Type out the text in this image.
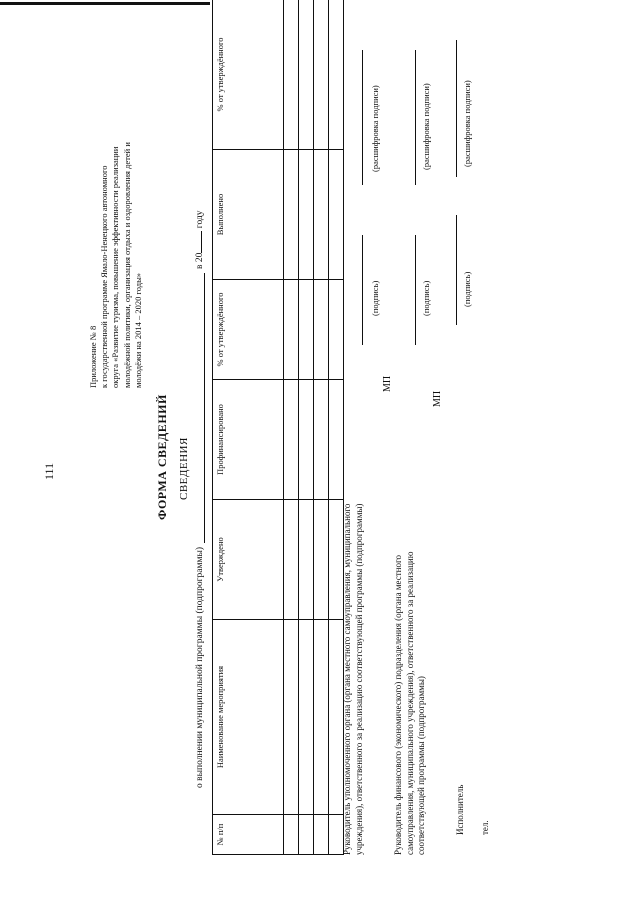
111
Приложение № 8 к государственной программе Ямало-Ненецкого автономного округа «Развитие туризма, повышение эффективности реализации молодёжной политики, организация отдыха и оздоровления детей и молодёжи на 2014 – 2020 годы»
ФОРМА СВЕДЕНИЙ СВЕДЕНИЯ
о выполнении муниципальной программы (подпрограммы)в 20 году
№ п/п	Наименование мероприятия	Утверждено	Профинансировано	% от утверждённого	Выполнено	% от утверждённого

Руководитель уполномоченного органа (органа местного самоуправления, муниципального учреждения), ответственного за реализацию соответствующей программы (подпрограммы)
МП
(подпись)
(расшифровка подписи)
Руководитель финансового (экономического) подразделения (органа местного самоуправления, муниципального учреждения), ответственного за реализацию соответствующей программы (подпрограммы)
МП
(подпись)
(расшифровка подписи)
Исполнитель тел.
(подпись)
(расшифровка подписи)
